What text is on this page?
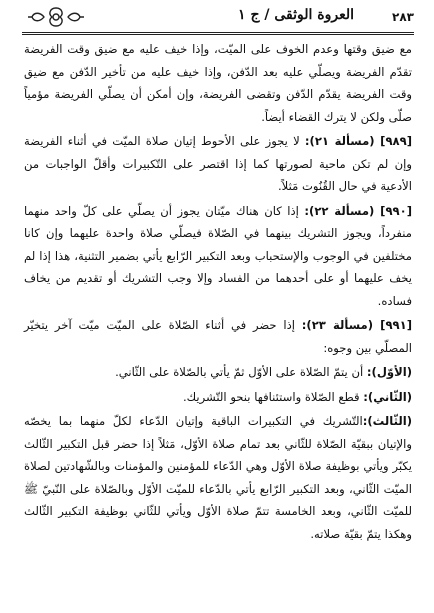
٢٨٣
العروة الوثقى / ج ١

مع ضيق وقتها وعدم الخوف على الميّت، وإذا خيف عليه مع ضيق وقت الفريضة تقدّم الفريضة ويصلّي عليه بعد الدّفن، وإذا خيف عليه من تأخير الدّفن مع ضيق وقت الفريضة يقدّم الدّفن وتقضى الفريضة، وإن أمكن أن يصلّي الفريضة مؤمياً صلّى ولكن لا يترك القضاء أيضاً.

[٩٨٩] (مسألة ٢١): لا يجوز على الأحوط إتيان صلاة الميّت في أثناء الفريضة وإن لم تكن ماحية لصورتها كما إذا اقتصر على التّكبيرات وأقلّ الواجبات من الأدعية في حال القُنُوت مَثلاً.

[٩٩٠] (مسألة ٢٢): إذا كان هناك ميّتان يجوز أن يصلّي على كلّ واحد منهما منفرداً، ويجوز التشريك بينهما في الصّلاة فيصلّي صلاة واحدة عليهما وإن كانا مختلفين في الوجوب والإستحباب وبعد التكبير الرّابع يأتي بضمير التثنية، هذا إذا لم يخف عليهما أو على أحدهما من الفساد وإلا وجب التشريك أو تقديم من يخاف فساده.

[٩٩١] (مسألة ٢٣): إذا حضر في أثناء الصّلاة على الميّت ميّت آخر يتخيّر المصلّي بين وجوه:

(الأوّل): أن يتمّ الصّلاة على الأوّل ثمّ يأتي بالصّلاة على الثّاني.

(الثّاني): قطع الصّلاة واستئنافها بنحو التّشريك.

(الثّالث):التّشريك في التكبيرات الباقية وإتيان الدّعاء لكلّ منهما بما يخصّه والإتيان ببقيّة الصّلاة للثّاني بعد تمام صلاة الأوّل، مَثلاً إذا حضر قبل التكبير الثّالث يكبّر ويأتي بوظيفة صلاة الأوّل وهي الدّعاء للمؤمنين والمؤمنات وبالشّهادتين لصلاة الميّت الثّاني، وبعد التكبير الرّابع يأتي بالدّعاء للميّت الأوّل وبالصّلاة على النّبيّ ﷺ للميّت الثّاني، وبعد الخامسة تتمّ صلاة الأوّل ويأتي للثّاني بوظيفة التكبير الثّالث وهكذا يتمّ بقيّة صلاته.
